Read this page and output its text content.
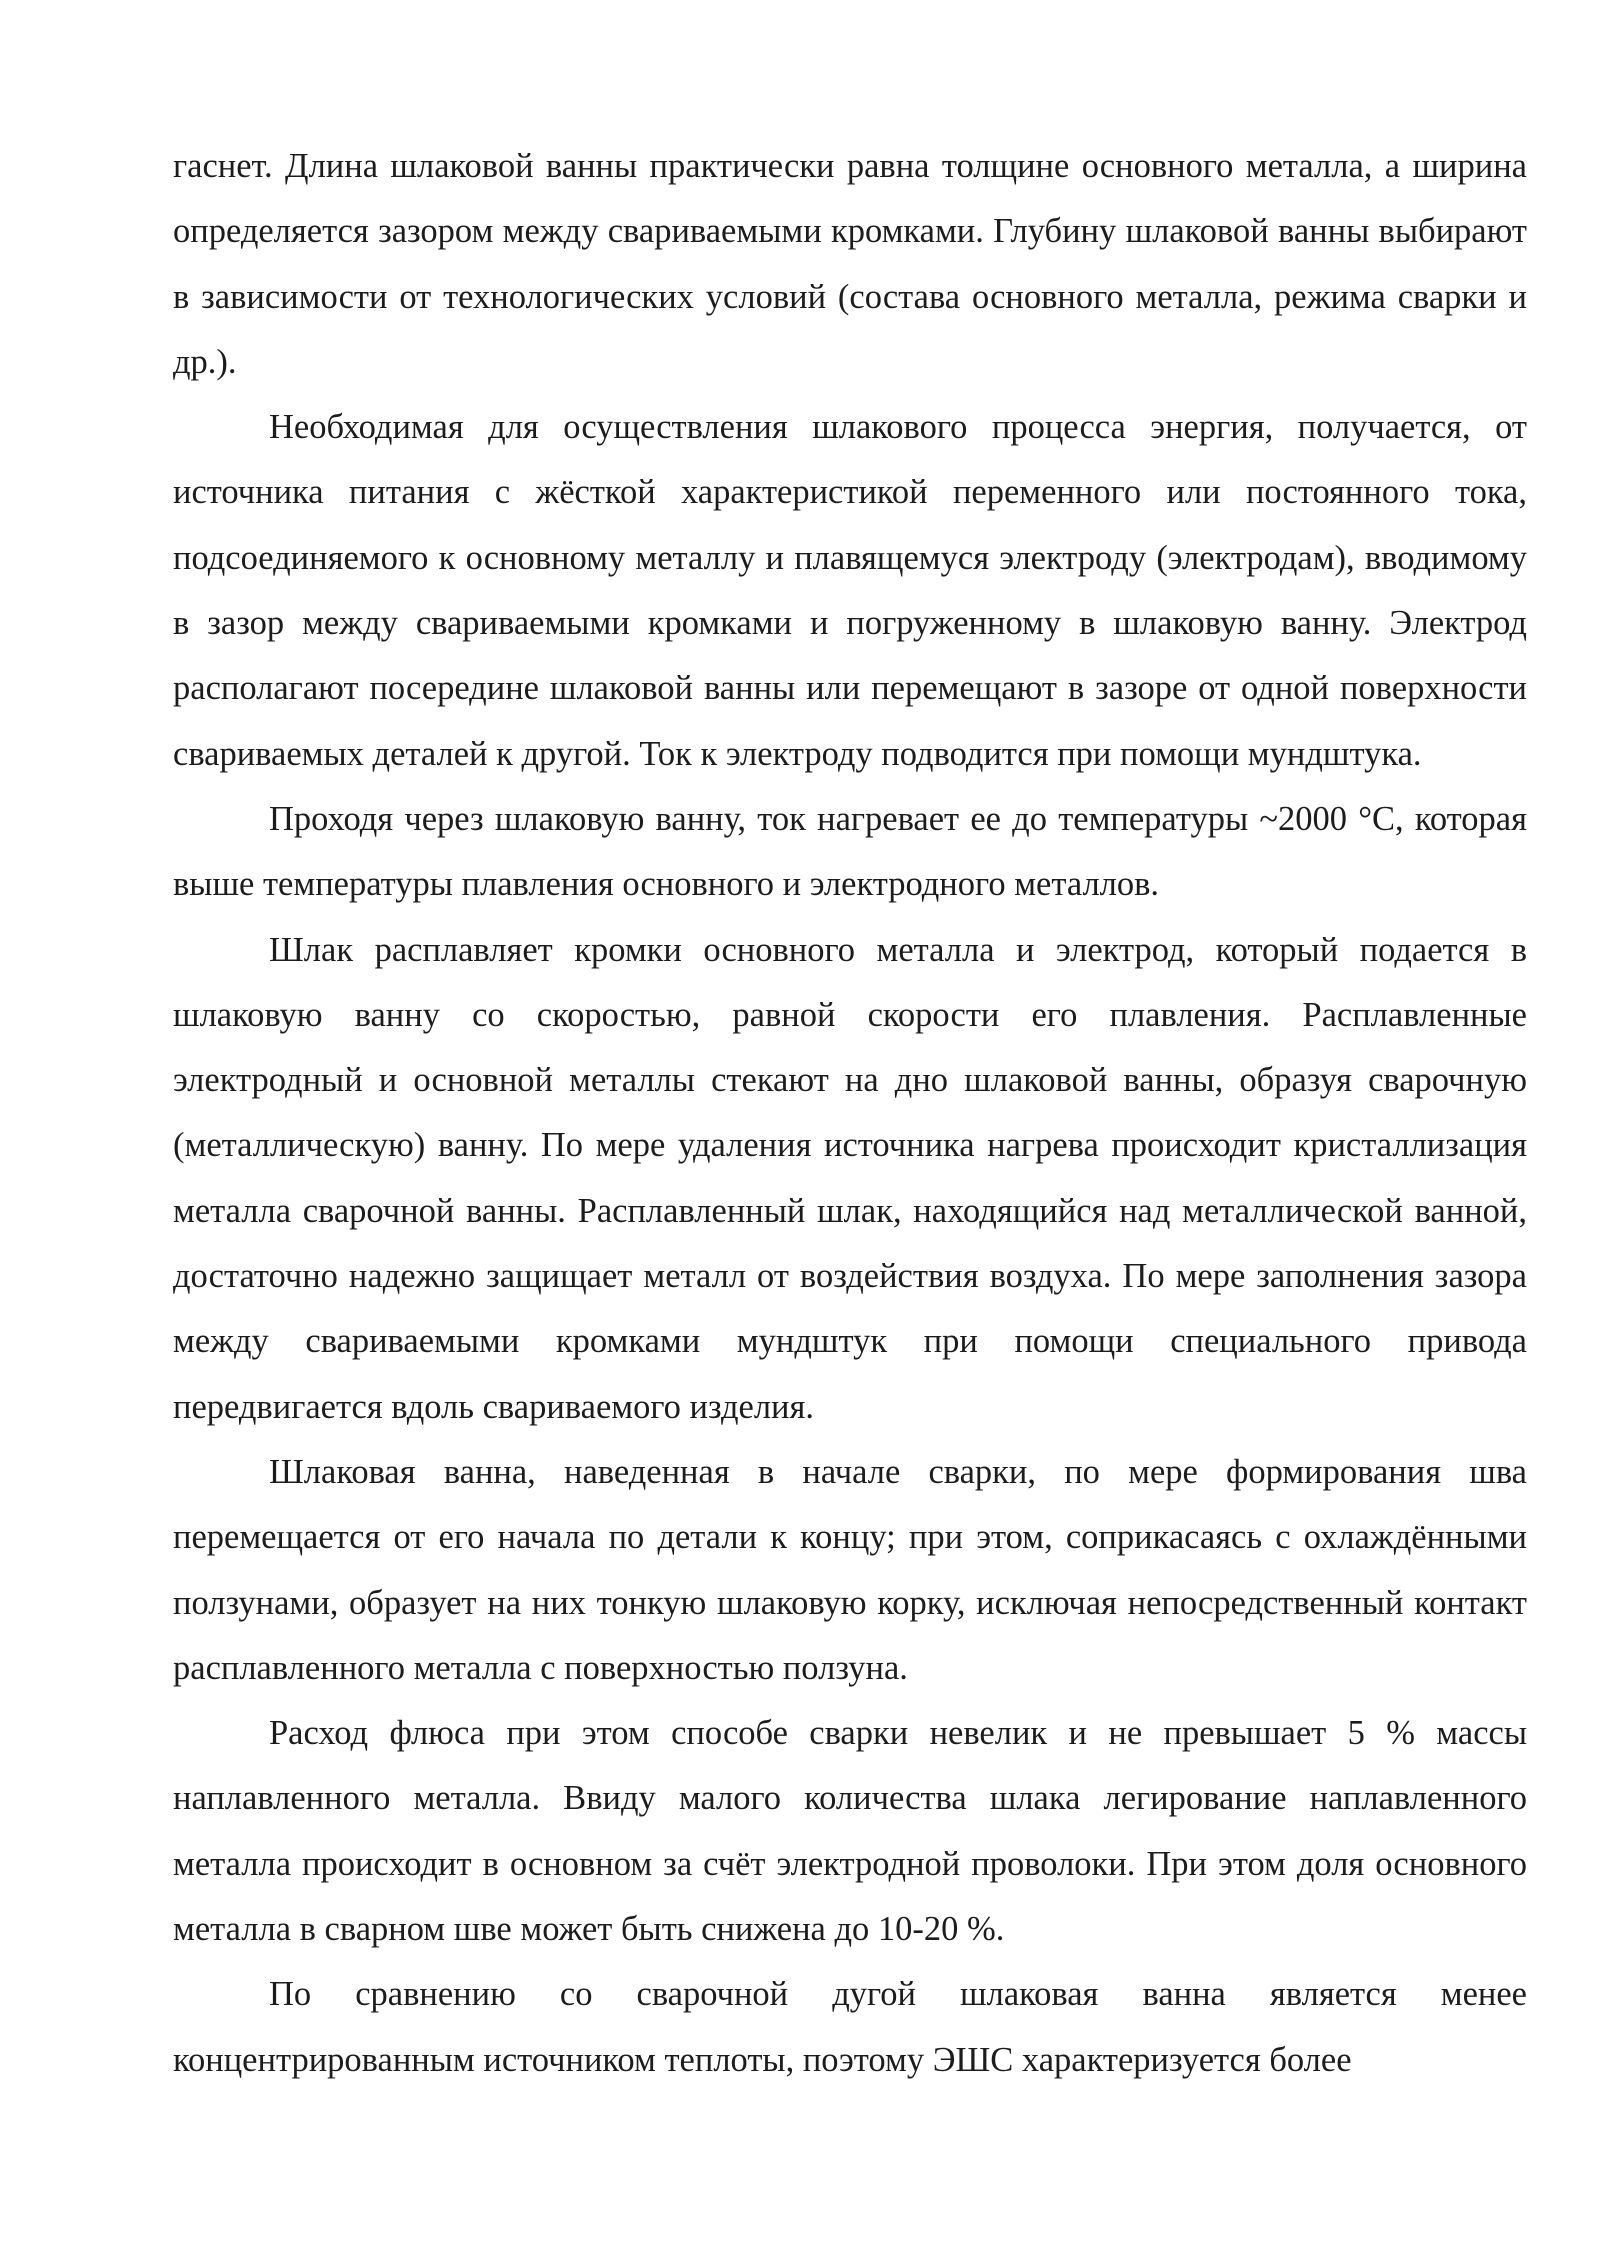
гаснет. Длина шлаковой ванны практически равна толщине основного металла, а ширина определяется зазором между свариваемыми кромками. Глубину шлаковой ванны выбирают в зависимости от технологических условий (состава основного металла, режима сварки и др.).

Необходимая для осуществления шлакового процесса энергия, получается, от источника питания с жёсткой характеристикой переменного или постоянного тока, подсоединяемого к основному металлу и плавящемуся электроду (электродам), вводимому в зазор между свариваемыми кромками и погруженному в шлаковую ванну. Электрод располагают посередине шлаковой ванны или перемещают в зазоре от одной поверхности свариваемых деталей к другой. Ток к электроду подводится при помощи мундштука.

Проходя через шлаковую ванну, ток нагревает ее до температуры ~2000 °С, которая выше температуры плавления основного и электродного металлов.

Шлак расплавляет кромки основного металла и электрод, который подается в шлаковую ванну со скоростью, равной скорости его плавления. Расплавленные электродный и основной металлы стекают на дно шлаковой ванны, образуя сварочную (металлическую) ванну. По мере удаления источника нагрева происходит кристаллизация металла сварочной ванны. Расплавленный шлак, находящийся над металлической ванной, достаточно надежно защищает металл от воздействия воздуха. По мере заполнения зазора между свариваемыми кромками мундштук при помощи специального привода передвигается вдоль свариваемого изделия.

Шлаковая ванна, наведенная в начале сварки, по мере формирования шва перемещается от его начала по детали к концу; при этом, соприкасаясь с охлаждёнными ползунами, образует на них тонкую шлаковую корку, исключая непосредственный контакт расплавленного металла с поверхностью ползуна.

Расход флюса при этом способе сварки невелик и не превышает 5 % массы наплавленного металла. Ввиду малого количества шлака легирование наплавленного металла происходит в основном за счёт электродной проволоки. При этом доля основного металла в сварном шве может быть снижена до 10-20 %.

По сравнению со сварочной дугой шлаковая ванна является менее концентрированным источником теплоты, поэтому ЭШС характеризуется более
